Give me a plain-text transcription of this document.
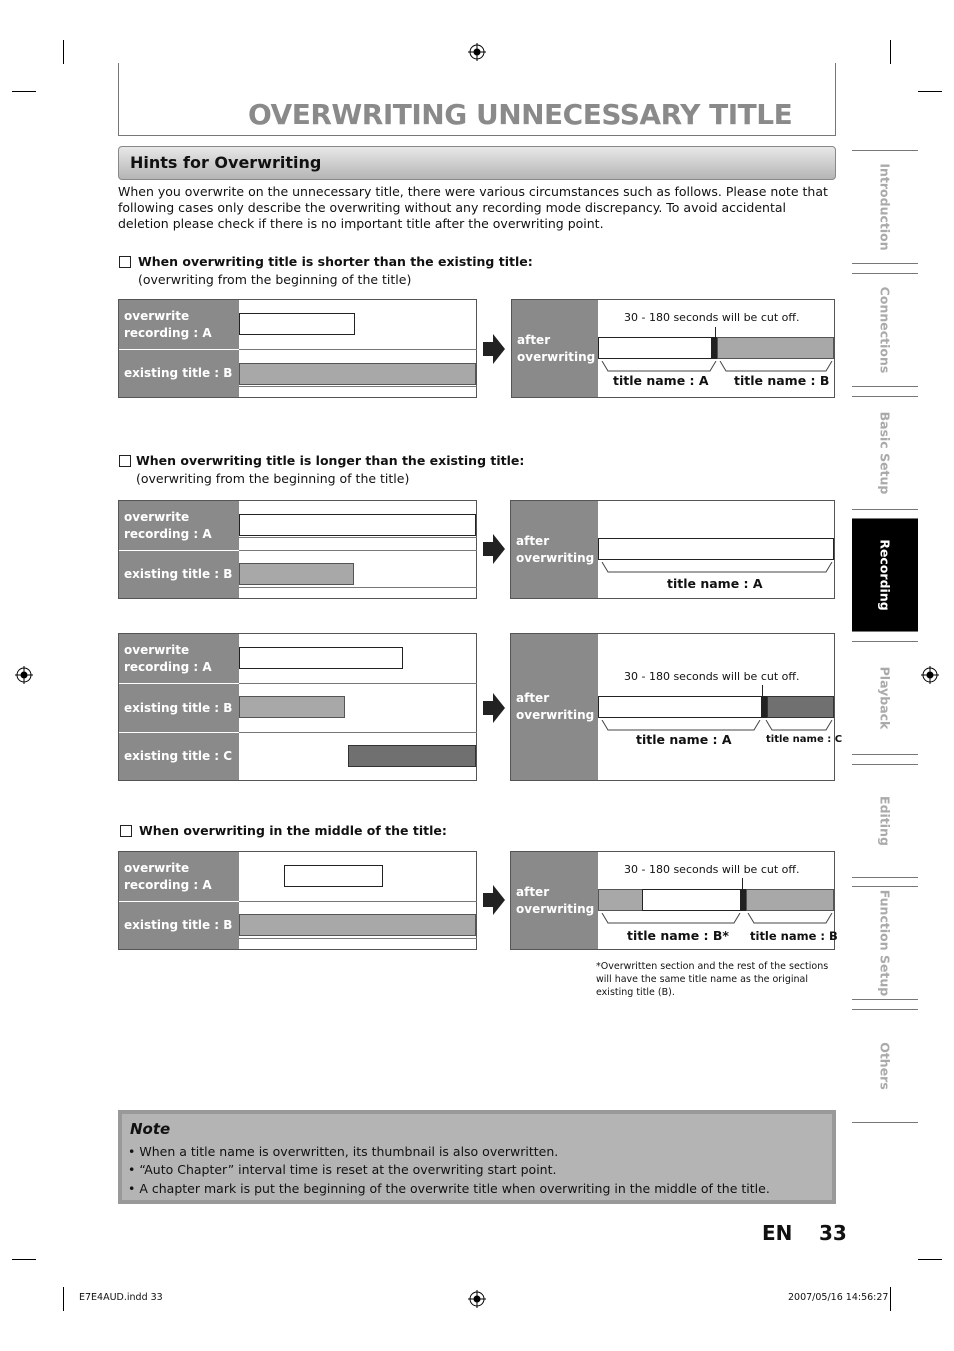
OVERWRITING UNNECESSARY TITLE
Hints for Overwriting
When you overwrite on the unnecessary title, there were various circumstances such as follows. Please note that following cases only describe the overwriting without any recording mode discrepancy. To avoid accidental deletion please check if there is no important title after the overwriting point.
When overwriting title is shorter than the existing title:
(overwriting from the beginning of the title)
overwrite recording : A
existing title : B
after overwriting
30 - 180 seconds will be cut off.
title name : A title name : B
When overwriting title is longer than the existing title:
(overwriting from the beginning of the title)
overwrite recording : A
existing title : B
after overwriting
title name : A
overwrite recording : A
existing title : B
existing title : C
after overwriting
30 - 180 seconds will be cut off.
title name : A	title name : C
When overwriting in the middle of the title:
overwrite recording : A
existing title : B
after overwriting
30 - 180 seconds will be cut off.
title name : B* title name : B
*Overwritten section and the rest of the sections will have the same title name as the original existing title (B).
Introduction
Connections
Basic Setup
Recording
Playback
Editing
Function Setup
Others
Note
• When a title name is overwritten, its thumbnail is also overwritten.
• “Auto Chapter” interval time is reset at the overwriting start point.
• A chapter mark is put the beginning of the overwrite title when overwriting in the middle of the title.
EN 33
E7E4AUD.indd 33	2007/05/16 14:56:27
